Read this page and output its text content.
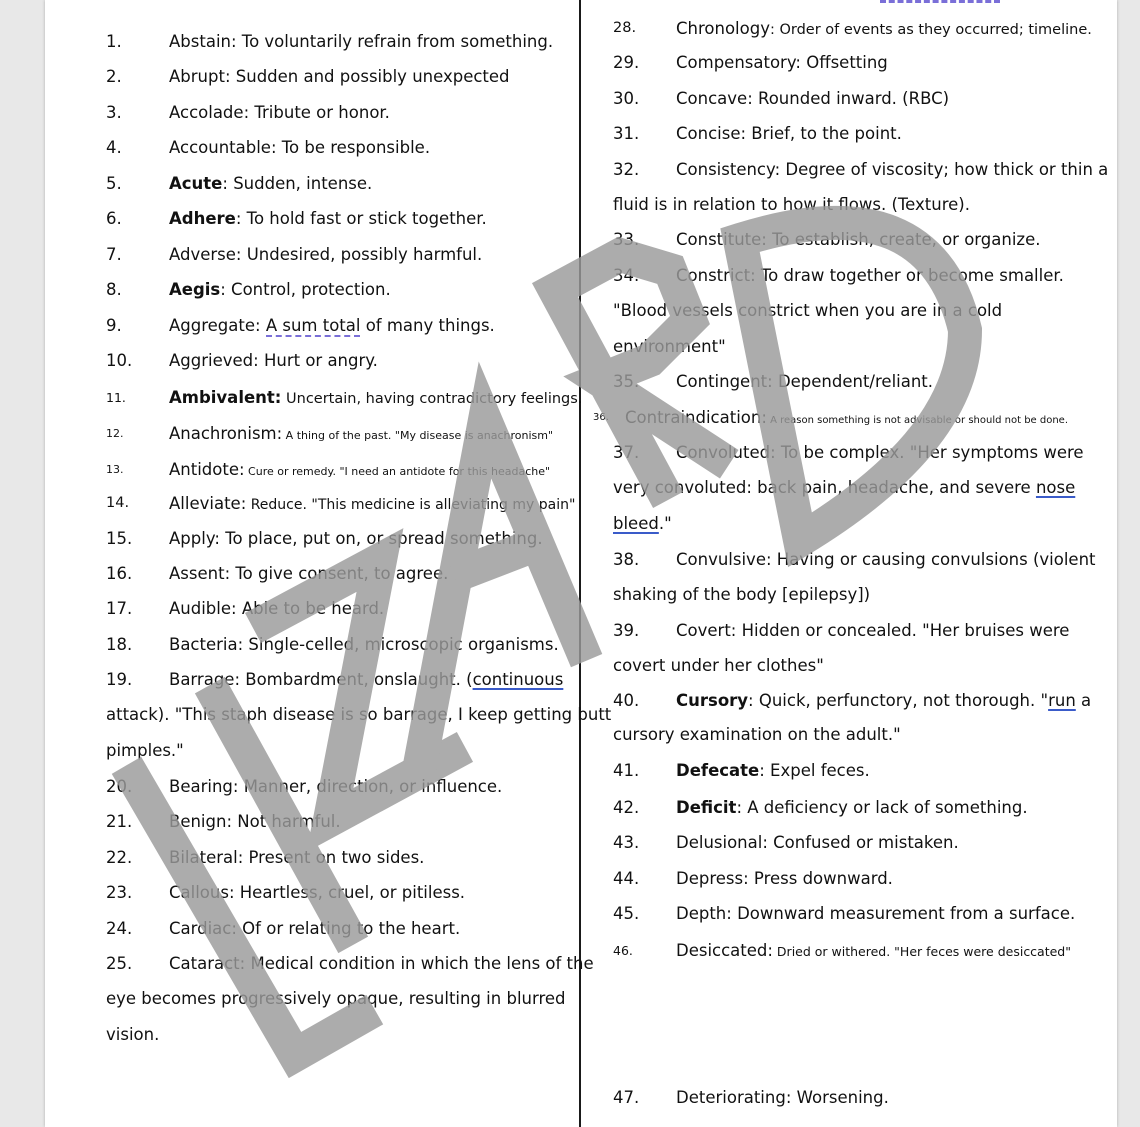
1.	Abstain: To voluntarily refrain from something.
2.	Abrupt: Sudden and possibly unexpected
3.	Accolade: Tribute or honor.
4.	Accountable: To be responsible.
5.	Acute: Sudden, intense.
6.	Adhere: To hold fast or stick together.
7.	Adverse: Undesired, possibly harmful.
8.	Aegis: Control, protection.
9.	Aggregate: A sum total of many things.
10. Aggrieved: Hurt or angry.
11.	Ambivalent: Uncertain, having contradictory feelings.
12.	Anachronism: A thing of the past. "My disease is anachronism"
13.	Antidote: Cure or remedy. "I need an antidote for this headache"
14. Alleviate: Reduce. "This medicine is alleviating my pain"
15. Apply: To place, put on, or spread something.
16. Assent: To give consent, to agree.
17. Audible: Able to be heard.
18. Bacteria: Single-celled, microscopic organisms.
19. Barrage: Bombardment, onslaught. (continuous
attack). "This staph disease is so barrage, I keep getting butt
pimples."
20. Bearing: Manner, direction, or influence.
21. Benign: Not harmful.
22. Bilateral: Present on two sides.
23. Callous: Heartless, cruel, or pitiless.
24. Cardiac: Of or relating to the heart.
25. Cataract: Medical condition in which the lens of the
eye becomes progressively opaque, resulting in blurred
vision.
28. Chronology: Order of events as they occurred; timeline.
29. Compensatory: Offsetting
30. Concave: Rounded inward. (RBC)
31. Concise: Brief, to the point.
32. Consistency: Degree of viscosity; how thick or thin a
fluid is in relation to how it flows. (Texture).
33. Constitute: To establish, create, or organize.
34. Constrict: To draw together or become smaller.
"Blood vessels constrict when you are in a cold
environment"
35. Contingent: Dependent/reliant.
36. Contraindication: A reason something is not advisable or should not be done.
37. Convoluted: To be complex. "Her symptoms were
very convoluted: back pain, headache, and severe nose
bleed."
38. Convulsive: Having or causing convulsions (violent
shaking of the body [epilepsy])
39. Covert: Hidden or concealed. "Her bruises were
covert under her clothes"
40. Cursory: Quick, perfunctory, not thorough. "run a
cursory examination on the adult."
41. Defecate: Expel feces.
42. Deficit: A deficiency or lack of something.
43. Delusional: Confused or mistaken.
44. Depress: Press downward.
45. Depth: Downward measurement from a surface.
46.	Desiccated: Dried or withered. "Her feces were desiccated"
47. Deteriorating: Worsening.
